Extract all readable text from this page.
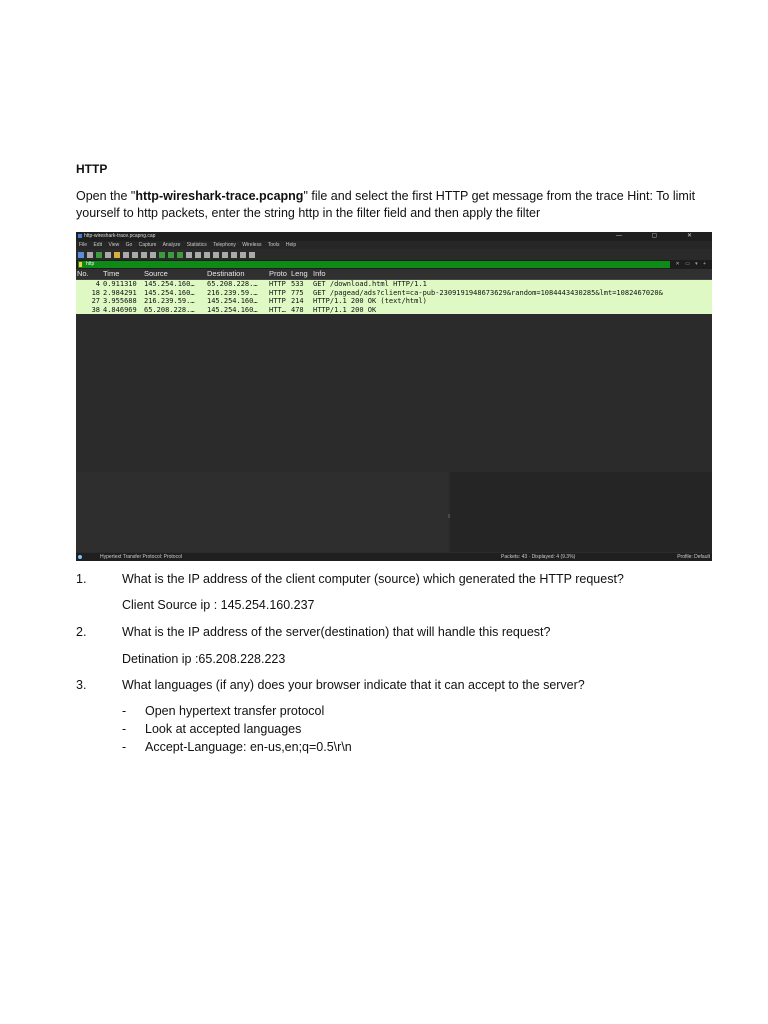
HTTP
Open the "http-wireshark-trace.pcapng" file and select the first HTTP get message from the trace Hint: To limit yourself to http packets, enter the string http in the filter field and then apply the filter
http-wireshark-trace.pcapng.cap	— ▢ ✕
File Edit View Go Capture Analyze Statistics Telephony Wireless Tools Help
http	✕ ▭ ▾ +
No. Time	Source	Destination	Proto Leng Info
4 0.911310 145.254.160… 65.208.228.… HTTP 533 GET /download.html HTTP/1.1
18 2.984291 145.254.160… 216.239.59.… HTTP 775 GET /pagead/ads?client=ca-pub-2309191948673629&random=1084443430285&lmt=1082467020&
27 3.955688 216.239.59.… 145.254.160… HTTP 214 HTTP/1.1 200 OK (text/html)
38 4.846969 65.208.228.… 145.254.160… HTT… 478 HTTP/1.1 200 OK
Hypertext Transfer Protocol: Protocol	Packets: 43 · Displayed: 4 (9.3%)	Profile: Default
1.	What is the IP address of the client computer (source) which generated the HTTP request?
Client Source ip : 145.254.160.237
2.	What is the IP address of the server(destination) that will handle this request?
Detination ip :65.208.228.223
3.	What languages (if any) does your browser indicate that it can accept to the server?
- Open hypertext transfer protocol
- Look at accepted languages
- Accept-Language: en-us,en;q=0.5\r\n
